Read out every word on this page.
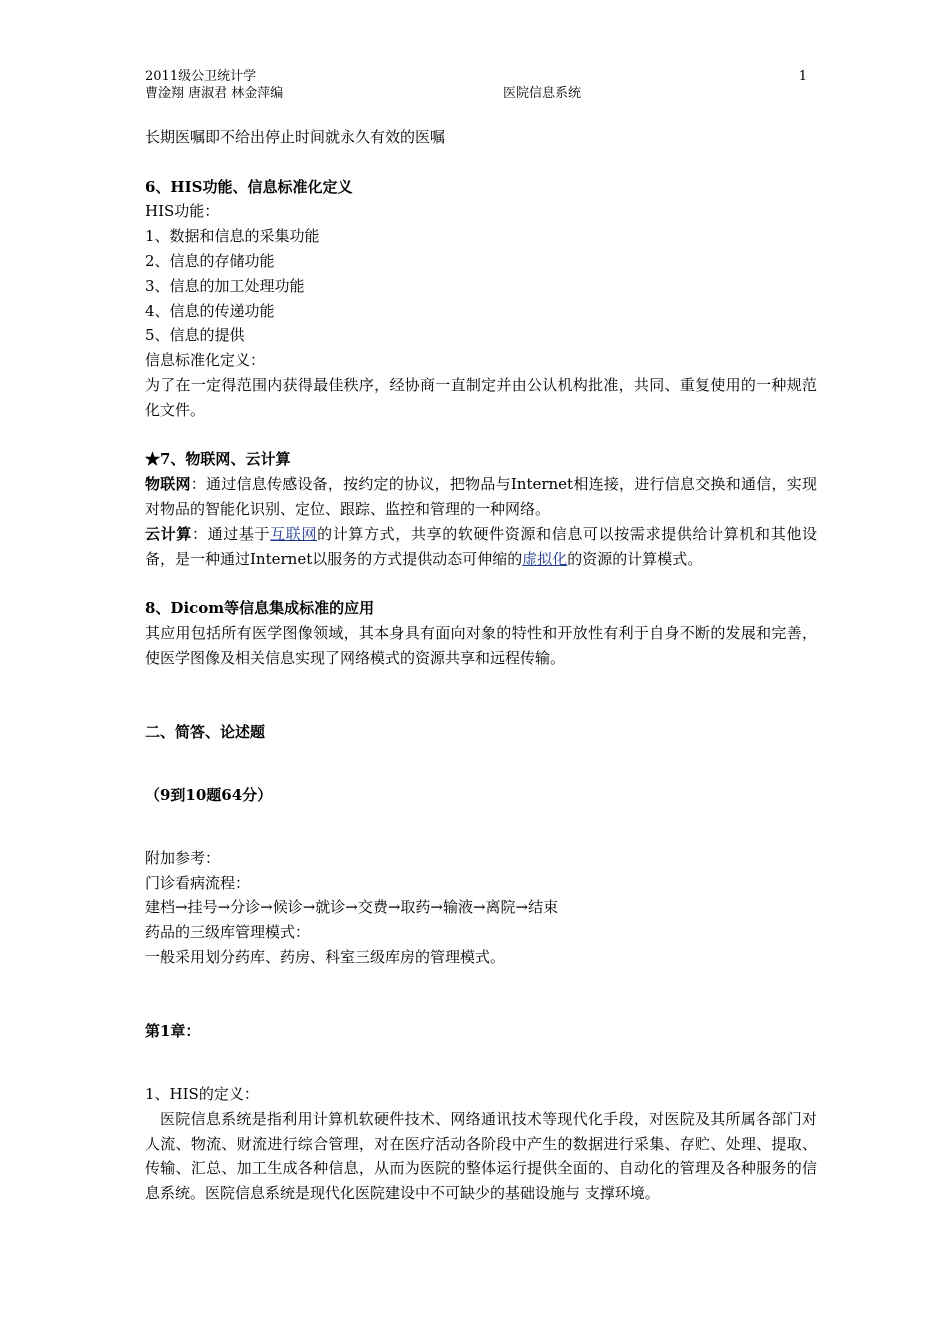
2011级公卫统计学
曹淦翔 唐淑君 林金萍编	医院信息系统
1

长期医嘱即不给出停止时间就永久有效的医嘱

6、HIS功能、信息标准化定义

HIS功能：

1、数据和信息的采集功能

2、信息的存储功能

3、信息的加工处理功能

4、信息的传递功能

5、信息的提供

信息标准化定义：

为了在一定得范围内获得最佳秩序，经协商一直制定并由公认机构批准，共同、重复使用的一种规范化文件。

★7、物联网、云计算

物联网：通过信息传感设备，按约定的协议，把物品与Internet相连接，进行信息交换和通信，实现对物品的智能化识别、定位、跟踪、监控和管理的一种网络。

云计算：通过基于互联网的计算方式，共享的软硬件资源和信息可以按需求提供给计算机和其他设备，是一种通过Internet以服务的方式提供动态可伸缩的虚拟化的资源的计算模式。

8、Dicom等信息集成标准的应用

其应用包括所有医学图像领域，其本身具有面向对象的特性和开放性有利于自身不断的发展和完善，使医学图像及相关信息实现了网络模式的资源共享和远程传输。

二、简答、论述题

（9到10题64分）

附加参考：

门诊看病流程：

建档→挂号→分诊→候诊→就诊→交费→取药→输液→离院→结束

药品的三级库管理模式：

一般采用划分药库、药房、科室三级库房的管理模式。

第1章：

1、HIS的定义：

医院信息系统是指利用计算机软硬件技术、网络通讯技术等现代化手段，对医院及其所属各部门对人流、物流、财流进行综合管理，对在医疗活动各阶段中产生的数据进行采集、存贮、处理、提取、传输、汇总、加工生成各种信息，从而为医院的整体运行提供全面的、自动化的管理及各种服务的信息系统。医院信息系统是现代化医院建设中不可缺少的基础设施与 支撑环境。
